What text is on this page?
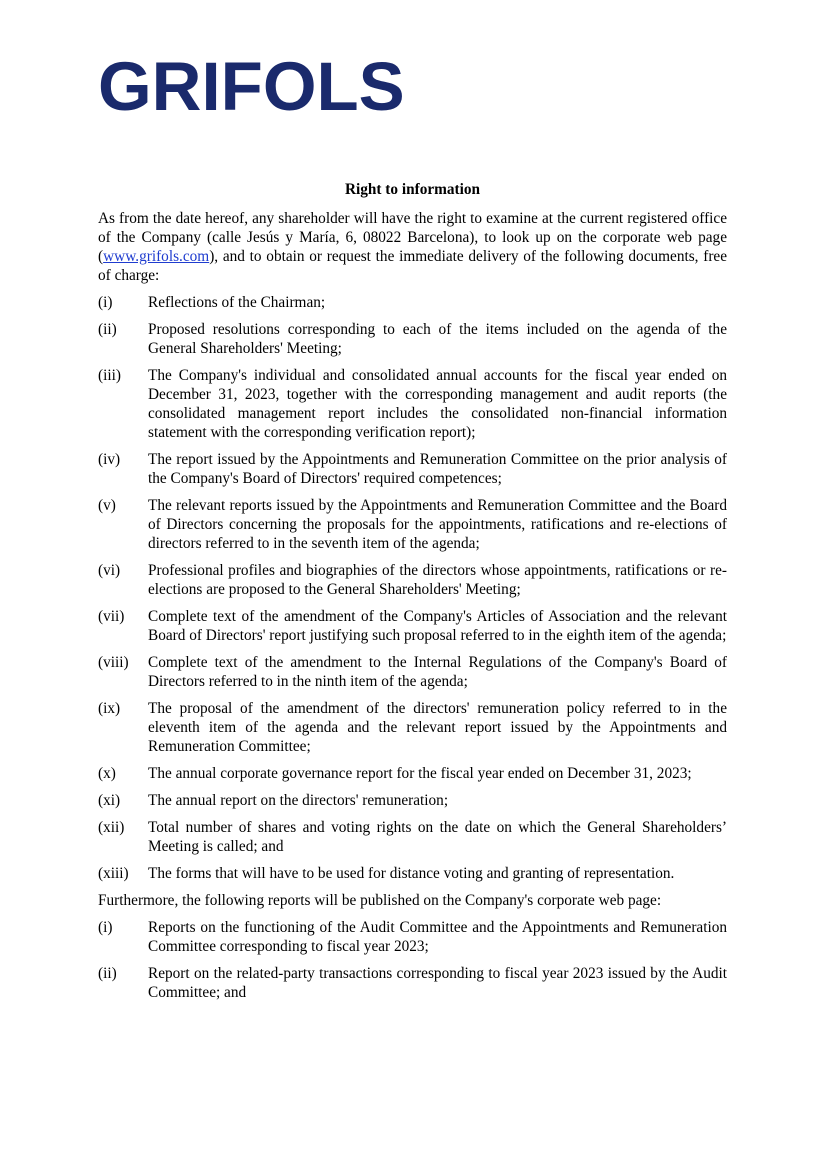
GRIFOLS
Right to information

As from the date hereof, any shareholder will have the right to examine at the current registered office of the Company (calle Jesús y María, 6, 08022 Barcelona), to look up on the corporate web page (www.grifols.com), and to obtain or request the immediate delivery of the following documents, free of charge:

(i)	Reflections of the Chairman;
(ii)	Proposed resolutions corresponding to each of the items included on the agenda of the General Shareholders' Meeting;
(iii)	The Company's individual and consolidated annual accounts for the fiscal year ended on December 31, 2023, together with the corresponding management and audit reports (the consolidated management report includes the consolidated non-financial information statement with the corresponding verification report);
(iv)	The report issued by the Appointments and Remuneration Committee on the prior analysis of the Company's Board of Directors' required competences;
(v)	The relevant reports issued by the Appointments and Remuneration Committee and the Board of Directors concerning the proposals for the appointments, ratifications and re-elections of directors referred to in the seventh item of the agenda;
(vi)	Professional profiles and biographies of the directors whose appointments, ratifications or re-elections are proposed to the General Shareholders' Meeting;
(vii)	Complete text of the amendment of the Company's Articles of Association and the relevant Board of Directors' report justifying such proposal referred to in the eighth item of the agenda;
(viii)	Complete text of the amendment to the Internal Regulations of the Company's Board of Directors referred to in the ninth item of the agenda;
(ix)	The proposal of the amendment of the directors' remuneration policy referred to in the eleventh item of the agenda and the relevant report issued by the Appointments and Remuneration Committee;
(x)	The annual corporate governance report for the fiscal year ended on December 31, 2023;
(xi)	The annual report on the directors' remuneration;
(xii)	Total number of shares and voting rights on the date on which the General Shareholders’ Meeting is called; and
(xiii)	The forms that will have to be used for distance voting and granting of representation.

Furthermore, the following reports will be published on the Company's corporate web page:

(i)	Reports on the functioning of the Audit Committee and the Appointments and Remuneration Committee corresponding to fiscal year 2023;
(ii)	Report on the related-party transactions corresponding to fiscal year 2023 issued by the Audit Committee; and
